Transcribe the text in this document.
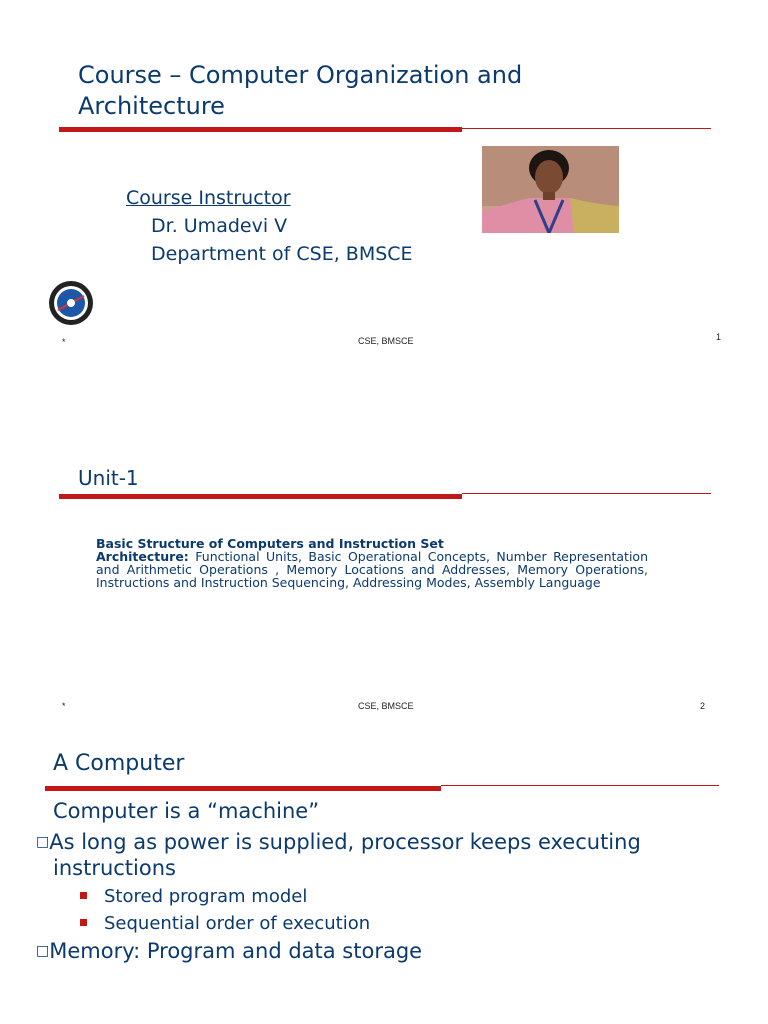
Course – Computer Organization and Architecture
Course Instructor
Dr. Umadevi V
Department of CSE, BMSCE
*	CSE, BMSCE	1
Unit-1
Basic Structure of Computers and Instruction Set
Architecture: Functional Units, Basic Operational Concepts, Number Representation and Arithmetic Operations , Memory Locations and Addresses, Memory Operations, Instructions and Instruction Sequencing, Addressing Modes, Assembly Language
*	CSE, BMSCE	2
A Computer
Computer is a “machine”
□As long as power is supplied, processor keeps executing
instructions
Stored program model
Sequential order of execution
□Memory: Program and data storage
